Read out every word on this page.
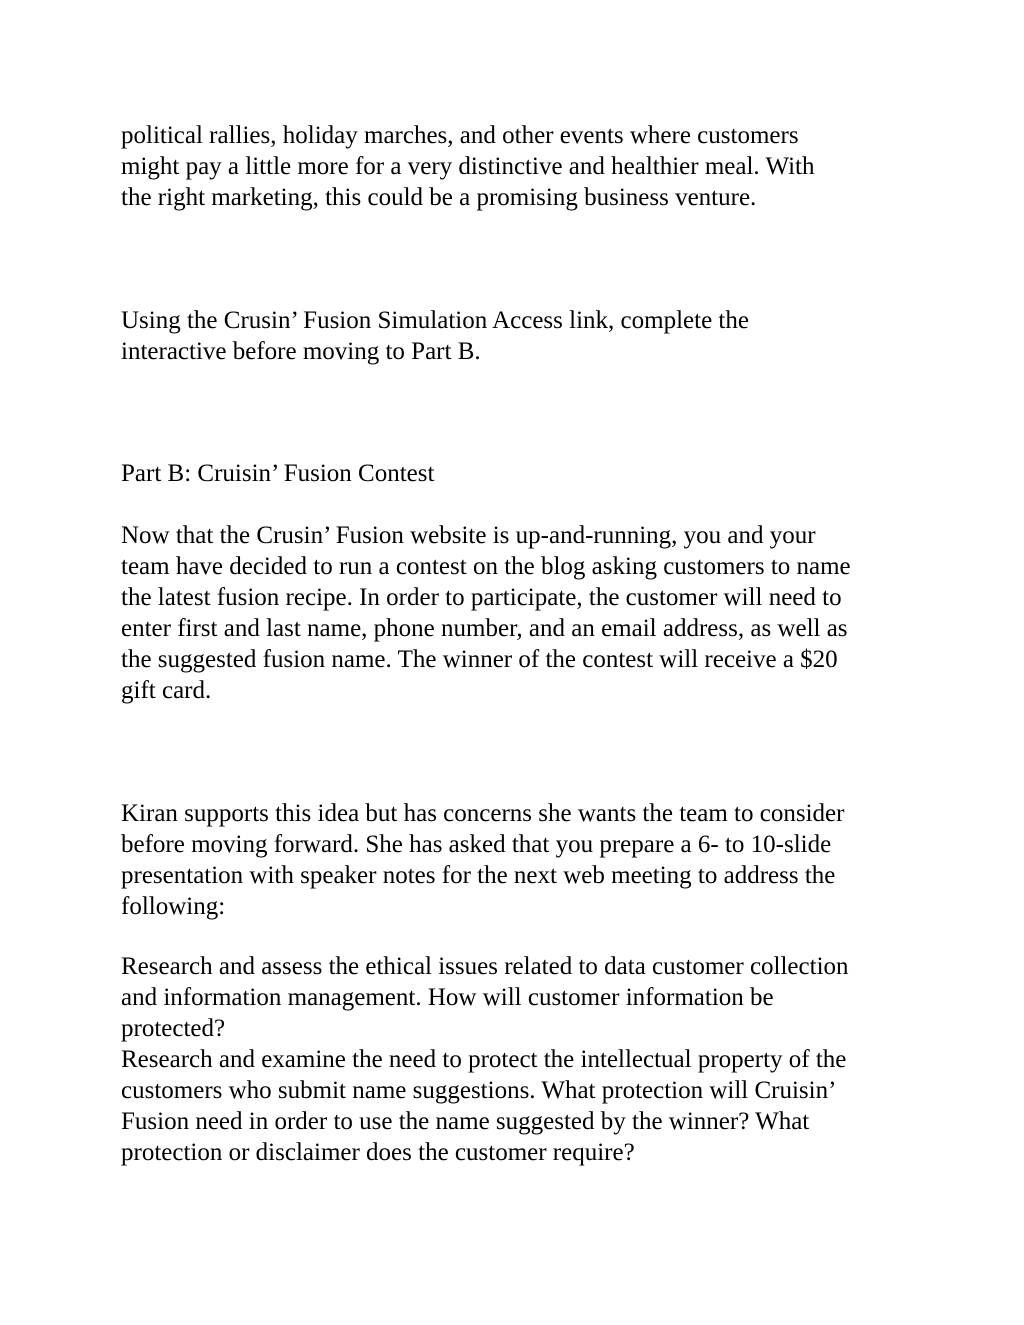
political rallies, holiday marches, and other events where customers
might pay a little more for a very distinctive and healthier meal. With
the right marketing, this could be a promising business venture.

Using the Crusin’ Fusion Simulation Access link, complete the
interactive before moving to Part B.

Part B: Cruisin’ Fusion Contest

Now that the Crusin’ Fusion website is up-and-running, you and your
team have decided to run a contest on the blog asking customers to name
the latest fusion recipe. In order to participate, the customer will need to
enter first and last name, phone number, and an email address, as well as
the suggested fusion name. The winner of the contest will receive a $20
gift card.

Kiran supports this idea but has concerns she wants the team to consider
before moving forward. She has asked that you prepare a 6- to 10-slide
presentation with speaker notes for the next web meeting to address the
following:

Research and assess the ethical issues related to data customer collection
and information management. How will customer information be
protected?
Research and examine the need to protect the intellectual property of the
customers who submit name suggestions. What protection will Cruisin’
Fusion need in order to use the name suggested by the winner? What
protection or disclaimer does the customer require?
